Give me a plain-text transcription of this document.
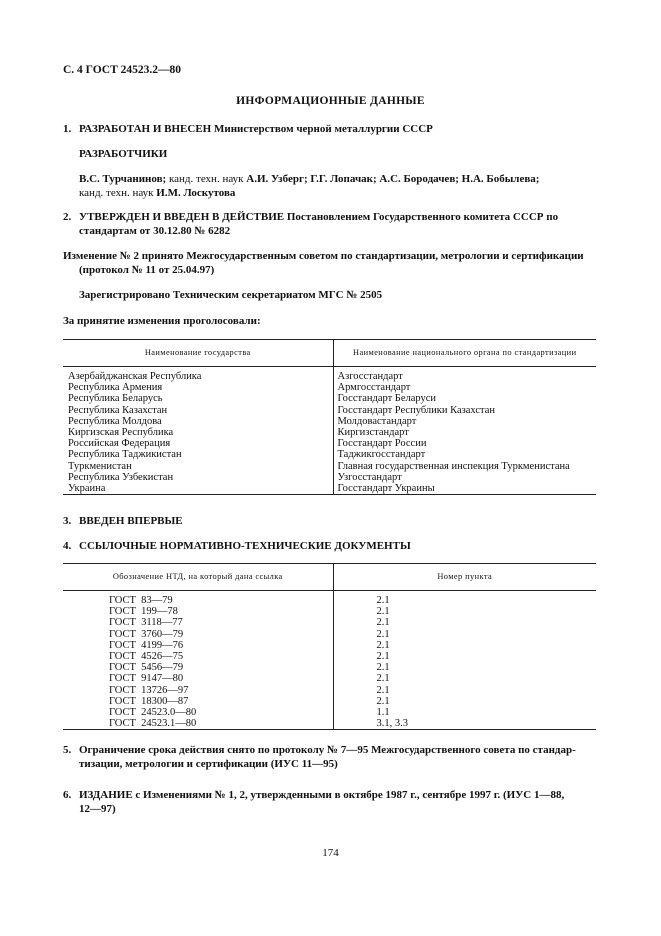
С. 4 ГОСТ 24523.2—80
ИНФОРМАЦИОННЫЕ ДАННЫЕ
1. РАЗРАБОТАН И ВНЕСЕН Министерством черной металлургии СССР
РАЗРАБОТЧИКИ
В.С. Турчанинов; канд. техн. наук А.И. Узберг; Г.Г. Лопачак; А.С. Бородачев; Н.А. Бобылева;
канд. техн. наук И.М. Лоскутова
2. УТВЕРЖДЕН И ВВЕДЕН В ДЕЙСТВИЕ Постановлением Государственного комитета СССР по
стандартам от 30.12.80 № 6282
Изменение № 2 принято Межгосударственным советом по стандартизации, метрологии и сертификации
(протокол № 11 от 25.04.97)
Зарегистрировано Техническим секретариатом МГС № 2505
За принятие изменения проголосовали:
Наименование государства	Наименование национального органа по стандартизации
Азербайджанская Республика	Азгосстандарт
Республика Армения	Армгосстандарт
Республика Беларусь	Госстандарт Беларуси
Республика Казахстан	Госстандарт Республики Казахстан
Республика Молдова	Молдовастандарт
Киргизская Республика	Киргизстандарт
Российская Федерация	Госстандарт России
Республика Таджикистан	Таджикгосстандарт
Туркменистан	Главная государственная инспекция Туркменистана
Республика Узбекистан	Узгосстандарт
Украина	Госстандарт Украины
3. ВВЕДЕН ВПЕРВЫЕ
4. ССЫЛОЧНЫЕ НОРМАТИВНО-ТЕХНИЧЕСКИЕ ДОКУМЕНТЫ
Обозначение НТД, на который дана ссылка	Номер пункта
ГОСТ  83—79	2.1
ГОСТ  199—78	2.1
ГОСТ  3118—77	2.1
ГОСТ  3760—79	2.1
ГОСТ  4199—76	2.1
ГОСТ  4526—75	2.1
ГОСТ  5456—79	2.1
ГОСТ  9147—80	2.1
ГОСТ  13726—97	2.1
ГОСТ  18300—87	2.1
ГОСТ  24523.0—80	1.1
ГОСТ  24523.1—80	3.1, 3.3
5. Ограничение срока действия снято по протоколу № 7—95 Межгосударственного совета по стандар-
тизации, метрологии и сертификации (ИУС 11—95)
6. ИЗДАНИЕ с Изменениями № 1, 2, утвержденными в октябре 1987 г., сентябре 1997 г. (ИУС 1—88,
12—97)
174
